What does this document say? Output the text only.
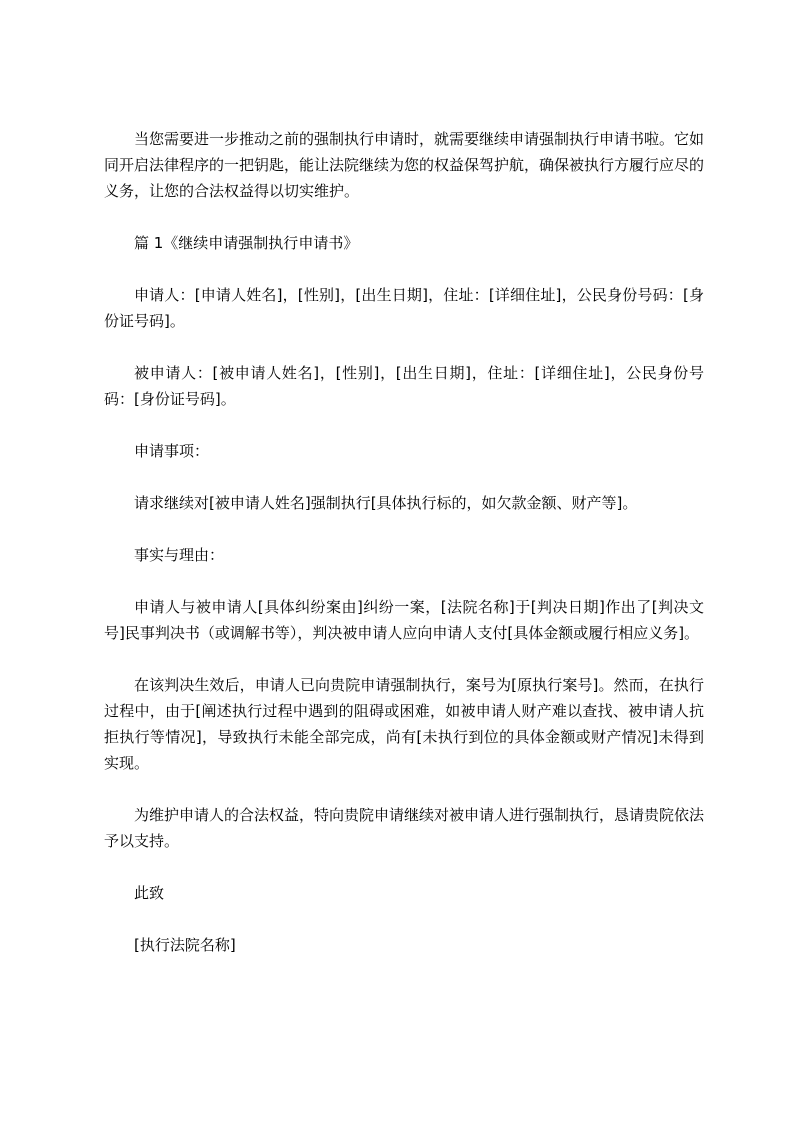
当您需要进一步推动之前的强制执行申请时，就需要继续申请强制执行申请书啦。它如同开启法律程序的一把钥匙，能让法院继续为您的权益保驾护航，确保被执行方履行应尽的义务，让您的合法权益得以切实维护。

篇 1《继续申请强制执行申请书》

申请人：[申请人姓名]，[性别]，[出生日期]，住址：[详细住址]，公民身份号码：[身份证号码]。

被申请人：[被申请人姓名]，[性别]，[出生日期]，住址：[详细住址]，公民身份号码：[身份证号码]。

申请事项：

请求继续对[被申请人姓名]强制执行[具体执行标的，如欠款金额、财产等]。

事实与理由：

申请人与被申请人[具体纠纷案由]纠纷一案，[法院名称]于[判决日期]作出了[判决文号]民事判决书（或调解书等），判决被申请人应向申请人支付[具体金额或履行相应义务]。

在该判决生效后，申请人已向贵院申请强制执行，案号为[原执行案号]。然而，在执行过程中，由于[阐述执行过程中遇到的阻碍或困难，如被申请人财产难以查找、被申请人抗拒执行等情况]，导致执行未能全部完成，尚有[未执行到位的具体金额或财产情况]未得到实现。

为维护申请人的合法权益，特向贵院申请继续对被申请人进行强制执行，恳请贵院依法予以支持。

此致

[执行法院名称]
